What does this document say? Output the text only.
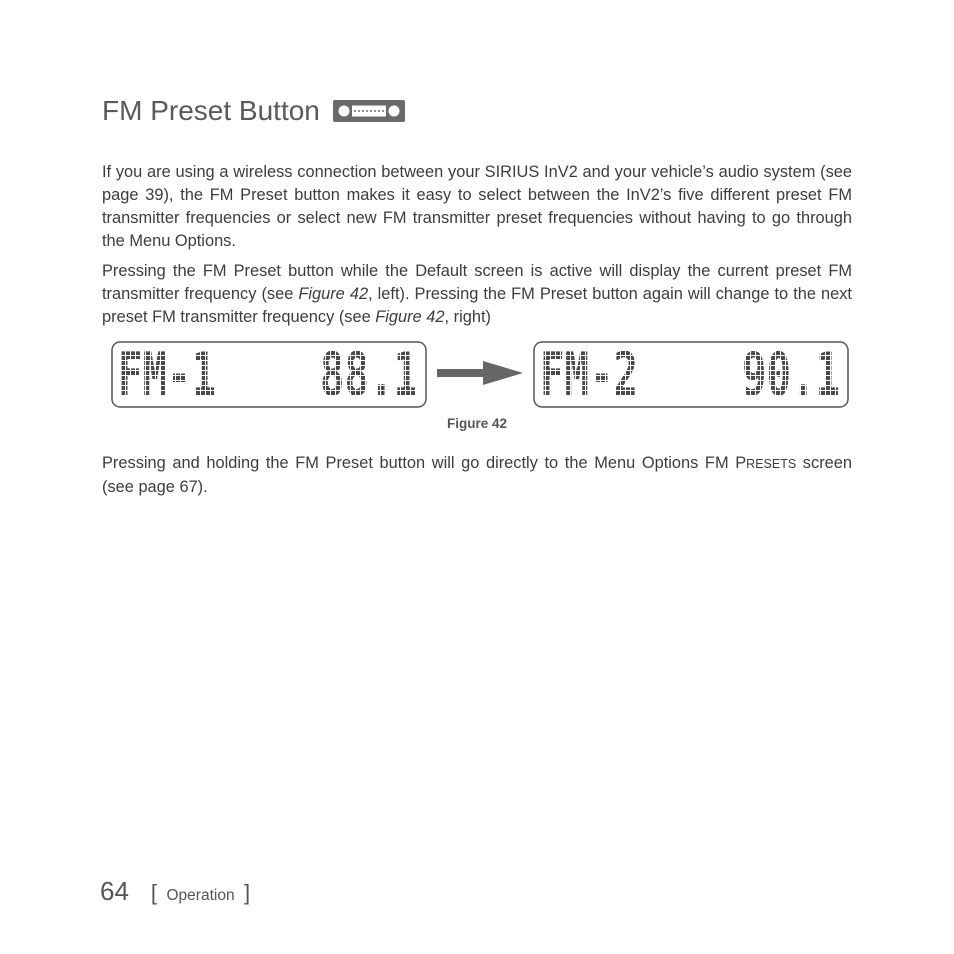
FM Preset Button

If you are using a wireless connection between your SIRIUS InV2 and your vehicle’s audio system (see page 39), the FM Preset button makes it easy to select between the InV2’s five different preset FM transmitter frequencies or select new FM transmitter preset frequencies without having to go through the Menu Options.

Pressing the FM Preset button while the Default screen is active will display the current preset FM transmitter frequency (see Figure 42, left). Pressing the FM Preset button again will change to the next preset FM transmitter frequency (see Figure 42, right)

FM-1 88.1 FM-2 90.1
Figure 42

Pressing and holding the FM Preset button will go directly to the Menu Options FM PRESETS screen (see page 67).

64 [ Operation ]
